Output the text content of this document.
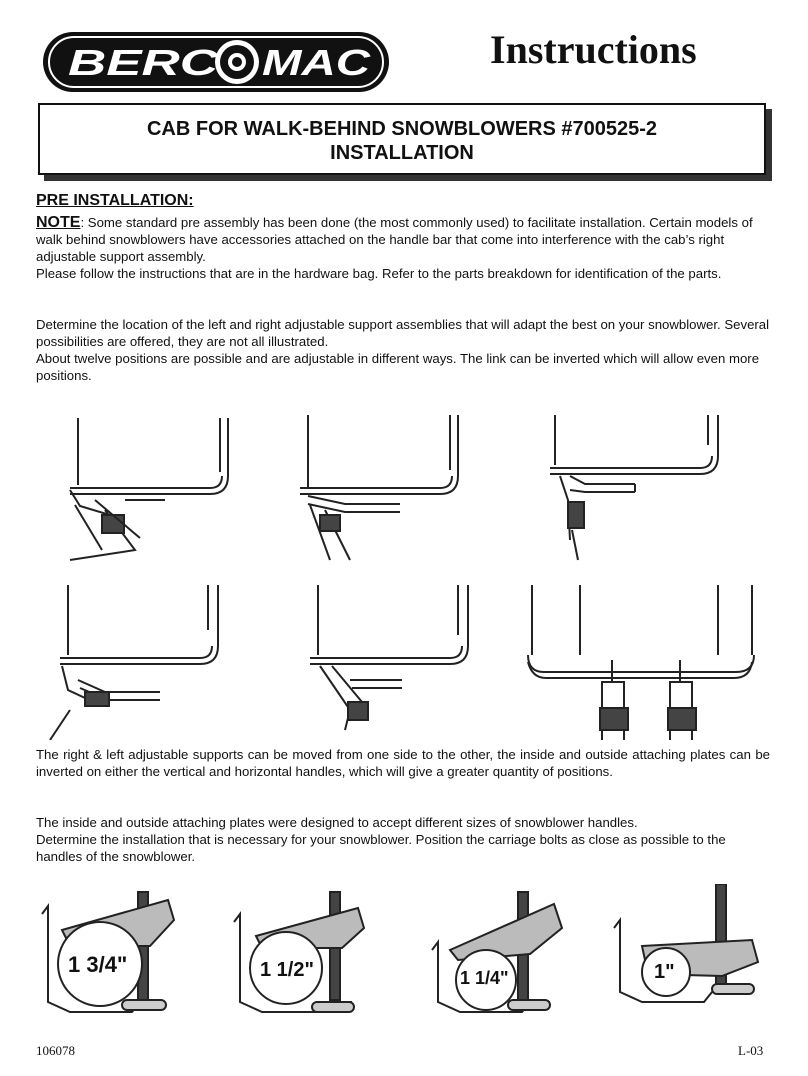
BERC MAC	Instructions
CAB FOR WALK-BEHIND SNOWBLOWERS #700525-2
INSTALLATION
PRE INSTALLATION:

NOTE: Some standard pre assembly has been done (the most commonly used) to facilitate installation. Certain models of walk behind snowblowers have accessories attached on the handle bar that come into interference with the cab’s right adjustable support assembly.

Please follow the instructions that are in the hardware bag. Refer to the parts breakdown for identification of the parts.

Determine the location of the left and right adjustable support assemblies that will adapt the best on your snowblower. Several possibilities are offered, they are not all illustrated.

About twelve positions are possible and are adjustable in different ways. The link can be inverted which will allow even more positions.

The right & left adjustable supports can be moved from one side to the other, the inside and outside attaching plates can be inverted on either the vertical and horizontal handles, which will give a greater quantity of positions.

The inside and outside attaching plates were designed to accept different sizes of snowblower handles.

Determine the installation that is necessary for your snowblower. Position the carriage bolts as close as possible to the handles of the snowblower.

1 3/4"	1 1/2"	1 1/4"	1"
106078	L-03
